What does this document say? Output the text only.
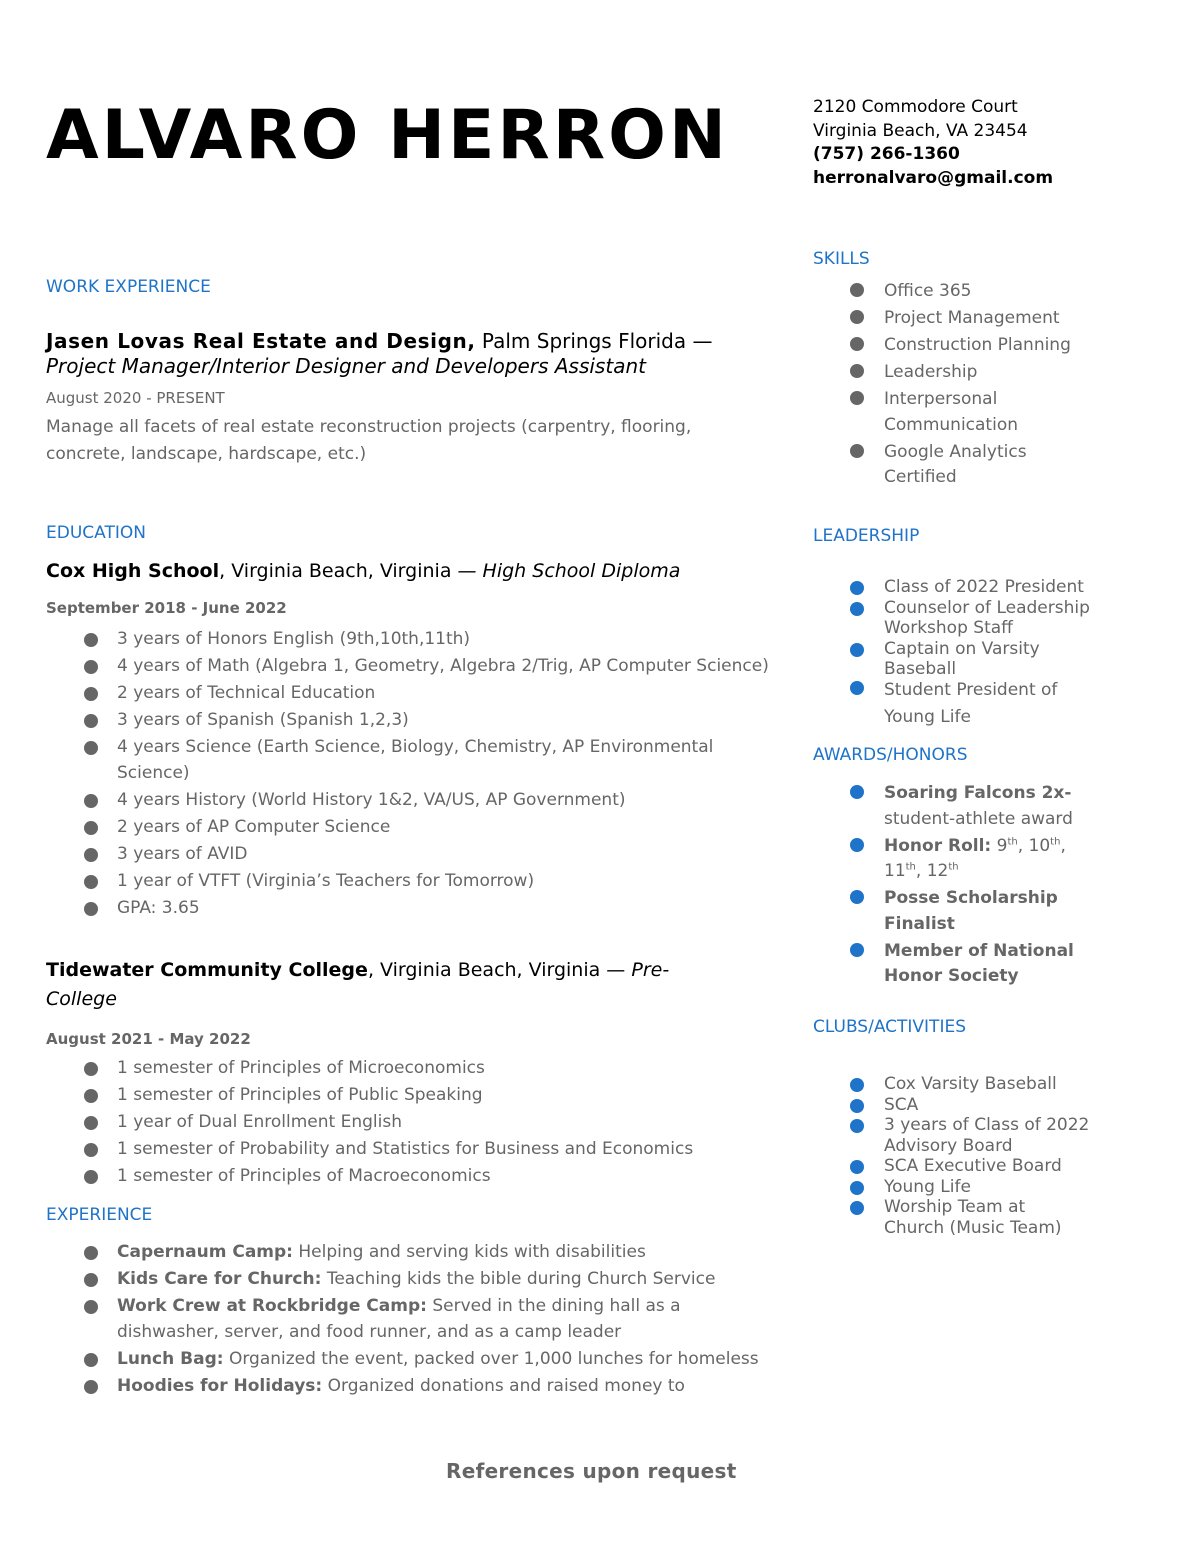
ALVARO HERRON	2120 Commodore Court
Virginia Beach, VA 23454
(757) 266-1360
herronalvaro@gmail.com
WORK EXPERIENCE
Jasen Lovas Real Estate and Design, Palm Springs Florida —
Project Manager/Interior Designer and Developers Assistant
August 2020 - PRESENT
Manage all facets of real estate reconstruction projects (carpentry, flooring, concrete, landscape, hardscape, etc.)
EDUCATION
Cox High School, Virginia Beach, Virginia — High School Diploma
September 2018 - June 2022
3 years of Honors English (9th,10th,11th)
4 years of Math (Algebra 1, Geometry, Algebra 2/Trig, AP Computer Science)
2 years of Technical Education
3 years of Spanish (Spanish 1,2,3)
4 years Science (Earth Science, Biology, Chemistry, AP Environmental Science)
4 years History (World History 1&2, VA/US, AP Government)
2 years of AP Computer Science
3 years of AVID
1 year of VTFT (Virginia’s Teachers for Tomorrow)
GPA: 3.65
Tidewater Community College, Virginia Beach, Virginia — Pre-College
August 2021 - May 2022
1 semester of Principles of Microeconomics
1 semester of Principles of Public Speaking
1 year of Dual Enrollment English
1 semester of Probability and Statistics for Business and Economics
1 semester of Principles of Macroeconomics
EXPERIENCE
Capernaum Camp: Helping and serving kids with disabilities
Kids Care for Church: Teaching kids the bible during Church Service
Work Crew at Rockbridge Camp: Served in the dining hall as a dishwasher, server, and food runner, and as a camp leader
Lunch Bag: Organized the event, packed over 1,000 lunches for homeless
Hoodies for Holidays: Organized donations and raised money to
SKILLS
Office 365
Project Management
Construction Planning
Leadership
Interpersonal Communication
Google Analytics Certified
LEADERSHIP
Class of 2022 President
Counselor of Leadership Workshop Staff
Captain on Varsity Baseball
Student President of Young Life
AWARDS/HONORS
Soaring Falcons 2x- student-athlete award
Honor Roll: 9th, 10th, 11th, 12th
Posse Scholarship Finalist
Member of National Honor Society
CLUBS/ACTIVITIES
Cox Varsity Baseball
SCA
3 years of Class of 2022 Advisory Board
SCA Executive Board
Young Life
Worship Team at Church (Music Team)
References upon request
